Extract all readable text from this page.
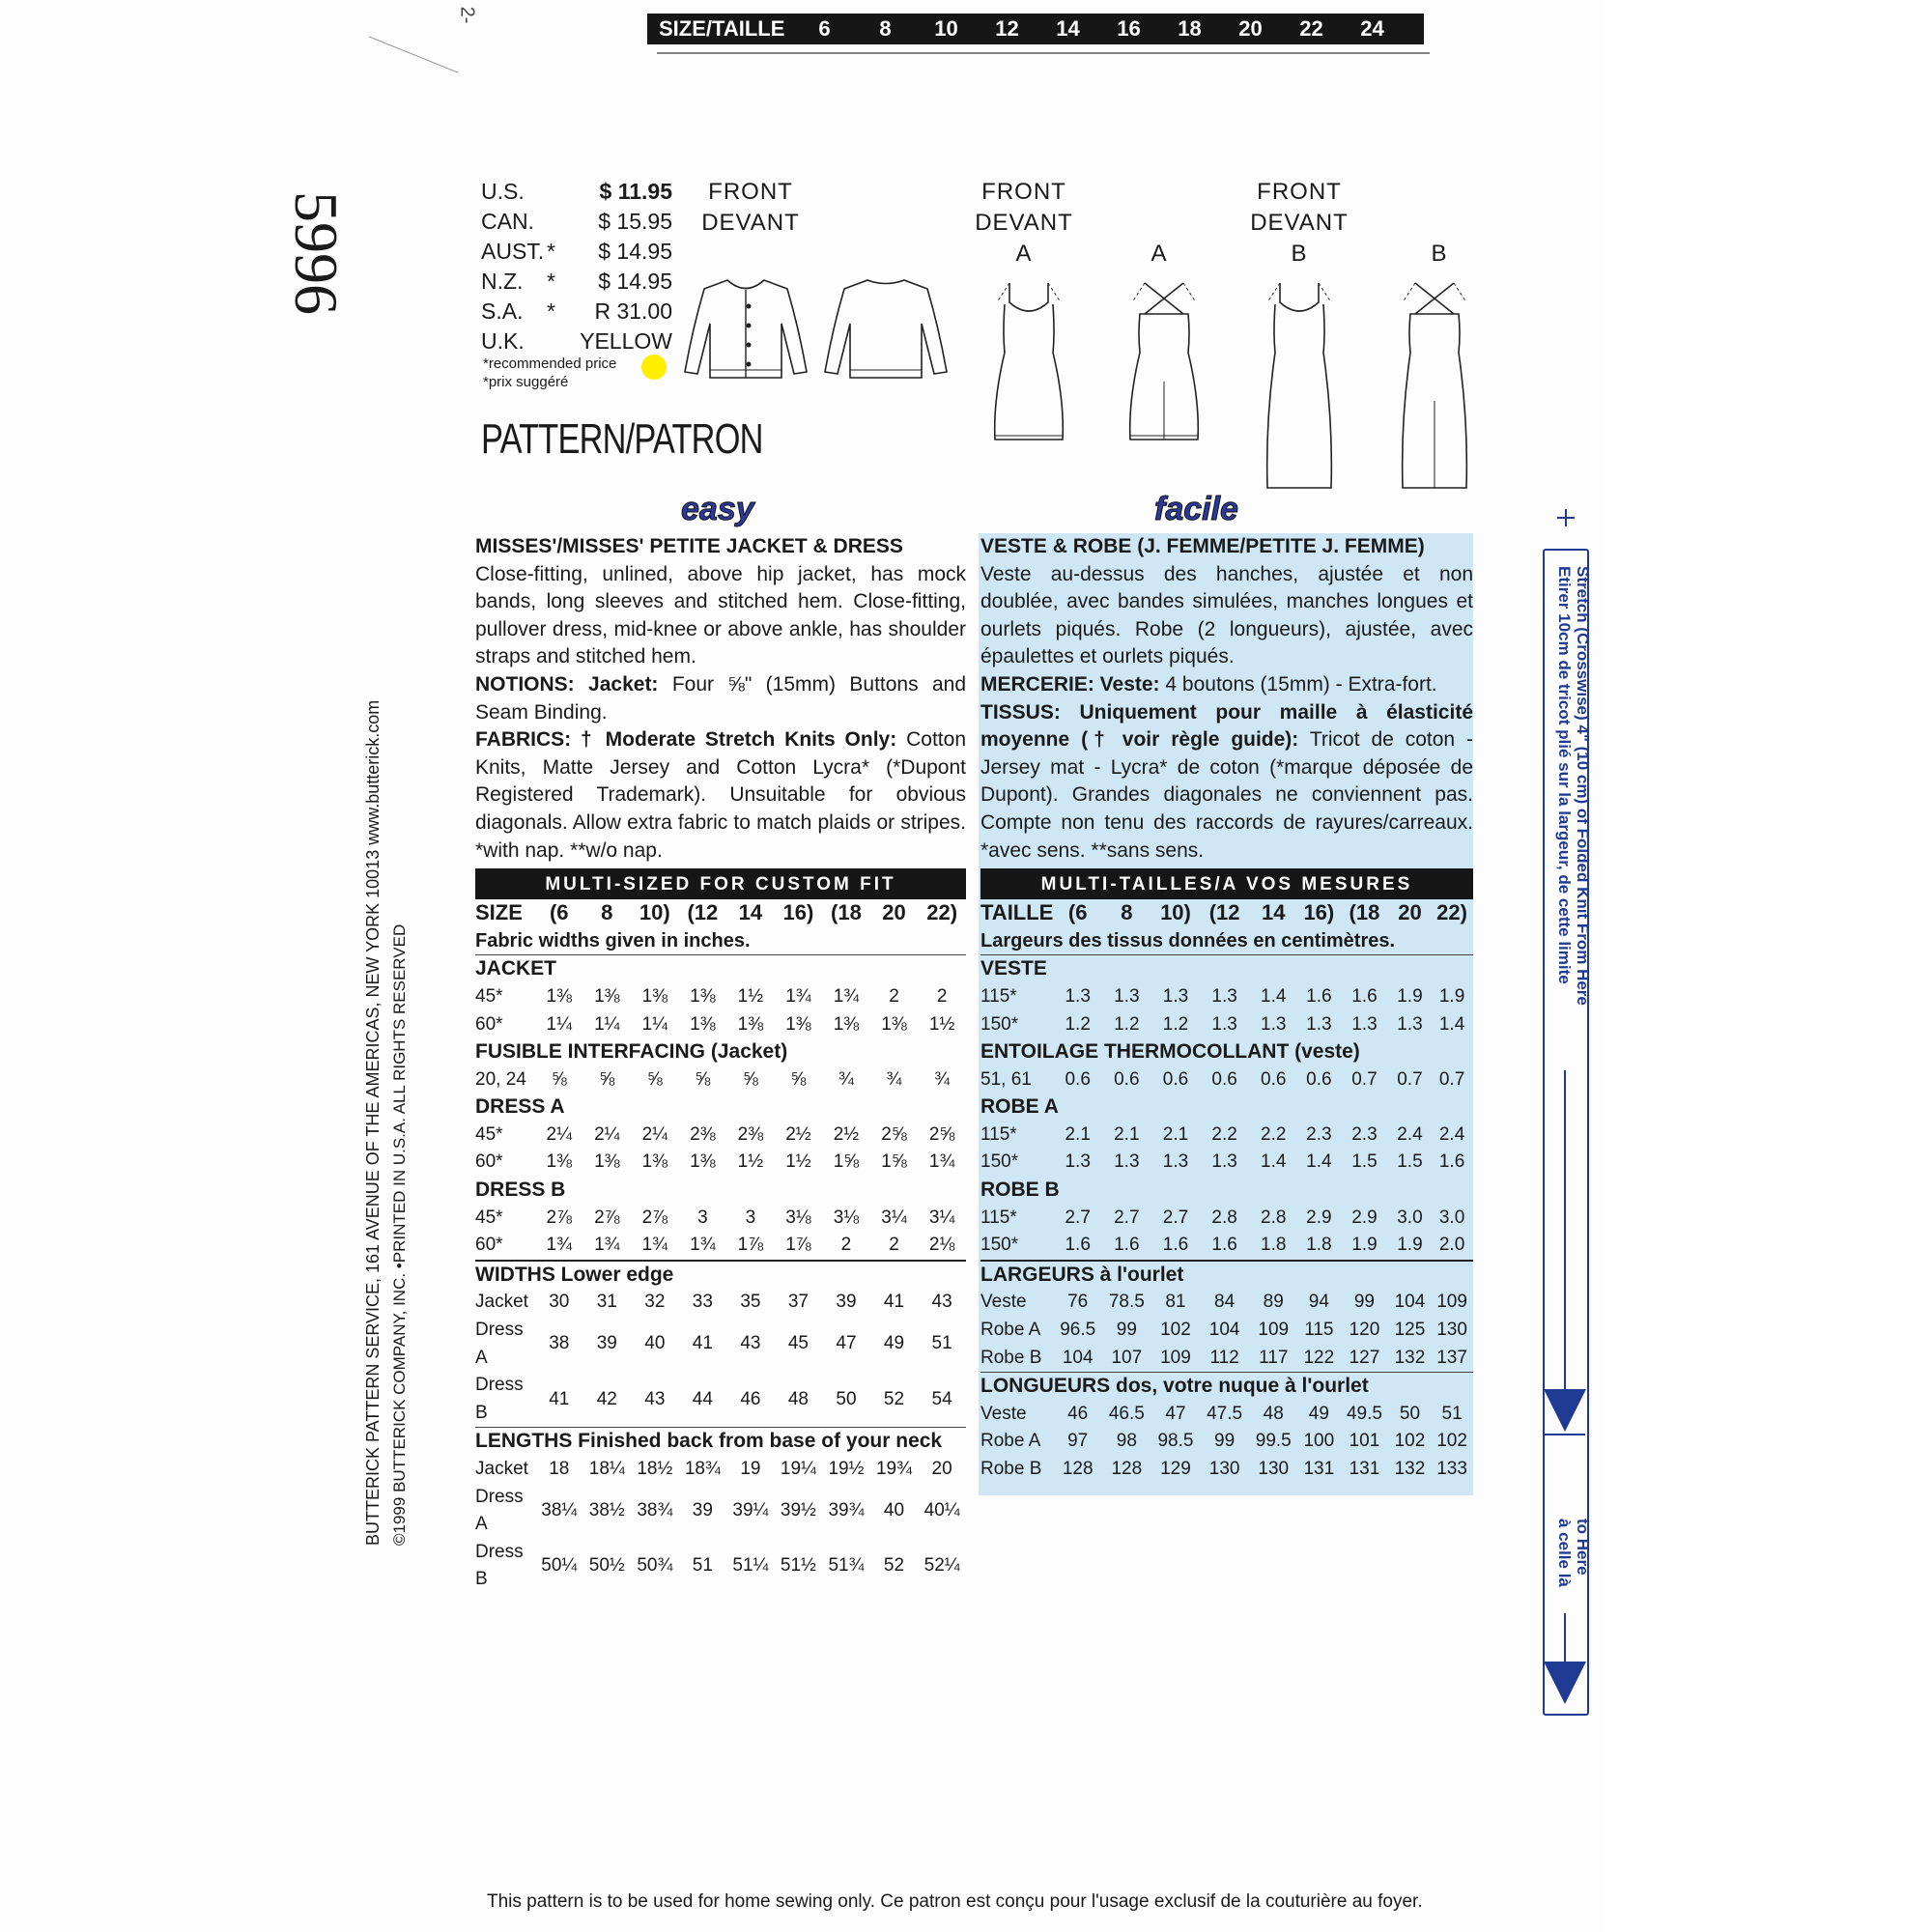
SIZE/TAILLE	6	8	10	12	14	16	18	20	22	24
2-
5996
BUTTERICK PATTERN SERVICE, 161 AVENUE OF THE AMERICAS, NEW YORK 10013 www.butterick.com ©1999 BUTTERICK COMPANY, INC. •PRINTED IN U.S.A. ALL RIGHTS RESERVED
U.S.	$ 11.95
CAN.	$ 15.95
AUST. *	$ 14.95
N.Z.	*	$ 14.95
S.A.	*	R 31.00
U.K.	YELLOW
*recommended price
*prix suggéré
PATTERN/PATRON
FRONT
DEVANT
FRONT
DEVANT
A	A
FRONT
DEVANT
B	B
easy	facile
MISSES'/MISSES' PETITE JACKET & DRESS

Close-fitting, unlined, above hip jacket, has mock bands, long sleeves and stitched hem. Close-fitting, pullover dress, mid-knee or above ankle, has shoulder straps and stitched hem.

NOTIONS: Jacket: Four ⅝" (15mm) Buttons and Seam Binding.

FABRICS: † Moderate Stretch Knits Only: Cotton Knits, Matte Jersey and Cotton Lycra* (*Dupont Registered Trademark). Unsuitable for obvious diagonals. Allow extra fabric to match plaids or stripes. *with nap. **w/o nap.

MULTI-SIZED FOR CUSTOM FIT
SIZE	(6	8	10)	(12	14	16)	(18	20	22)
Fabric widths given in inches.									
JACKET									
45*	1⅜	1⅜	1⅜	1⅜	1½	1¾	1¾	2	2
60*	1¼	1¼	1¼	1⅜	1⅜	1⅜	1⅜	1⅜	1½
FUSIBLE INTERFACING (Jacket)									
20, 24	⅝	⅝	⅝	⅝	⅝	⅝	¾	¾	¾
DRESS A									
45*	2¼	2¼	2¼	2⅜	2⅜	2½	2½	2⅝	2⅝
60*	1⅜	1⅜	1⅜	1⅜	1½	1½	1⅝	1⅝	1¾
DRESS B									
45*	2⅞	2⅞	2⅞	3	3	3⅛	3⅛	3¼	3¼
60*	1¾	1¾	1¾	1¾	1⅞	1⅞	2	2	2⅛
WIDTHS Lower edge									
Jacket	30	31	32	33	35	37	39	41	43
Dress A	38	39	40	41	43	45	47	49	51
Dress B	41	42	43	44	46	48	50	52	54
LENGTHS Finished back from base of your neck									
Jacket	18	18¼	18½	18¾	19	19¼	19½	19¾	20
Dress A	38¼	38½	38¾	39	39¼	39½	39¾	40	40¼
Dress B	50¼	50½	50¾	51	51¼	51½	51¾	52	52¼
VESTE & ROBE (J. FEMME/PETITE J. FEMME)

Veste au-dessus des hanches, ajustée et non doublée, avec bandes simulées, manches longues et ourlets piqués. Robe (2 longueurs), ajustée, avec épaulettes et ourlets piqués.

MERCERIE: Veste: 4 boutons (15mm) - Extra-fort.

TISSUS: Uniquement pour maille à élasticité moyenne († voir règle guide): Tricot de coton - Jersey mat - Lycra* de coton (*marque déposée de Dupont). Grandes diagonales ne conviennent pas. Compte non tenu des raccords de rayures/carreaux. *avec sens. **sans sens.

MULTI-TAILLES/A VOS MESURES
TAILLE	(6	8	10)	(12	14	16)	(18	20	22)
Largeurs des tissus données en centimètres.									
VESTE									
115*	1.3	1.3	1.3	1.3	1.4	1.6	1.6	1.9	1.9
150*	1.2	1.2	1.2	1.3	1.3	1.3	1.3	1.3	1.4
ENTOILAGE THERMOCOLLANT (veste)									
51, 61	0.6	0.6	0.6	0.6	0.6	0.6	0.7	0.7	0.7
ROBE A									
115*	2.1	2.1	2.1	2.2	2.2	2.3	2.3	2.4	2.4
150*	1.3	1.3	1.3	1.3	1.4	1.4	1.5	1.5	1.6
ROBE B									
115*	2.7	2.7	2.7	2.8	2.8	2.9	2.9	3.0	3.0
150*	1.6	1.6	1.6	1.6	1.8	1.8	1.9	1.9	2.0
LARGEURS à l'ourlet									
Veste	76	78.5	81	84	89	94	99	104	109
Robe A	96.5	99	102	104	109	115	120	125	130
Robe B	104	107	109	112	117	122	127	132	137
LONGUEURS dos, votre nuque à l'ourlet									
Veste	46	46.5	47	47.5	48	49	49.5	50	51
Robe A	97	98	98.5	99	99.5	100	101	102	102
Robe B	128	128	129	130	130	131	131	132	133
Stretch (Crosswise) 4" (10 cm) of Folded Knit From Here
Etirer 10cm de tricot plié sur la largeur, de cette limite
to Here
à celle là
This pattern is to be used for home sewing only. Ce patron est conçu pour l'usage exclusif de la couturière au foyer.
